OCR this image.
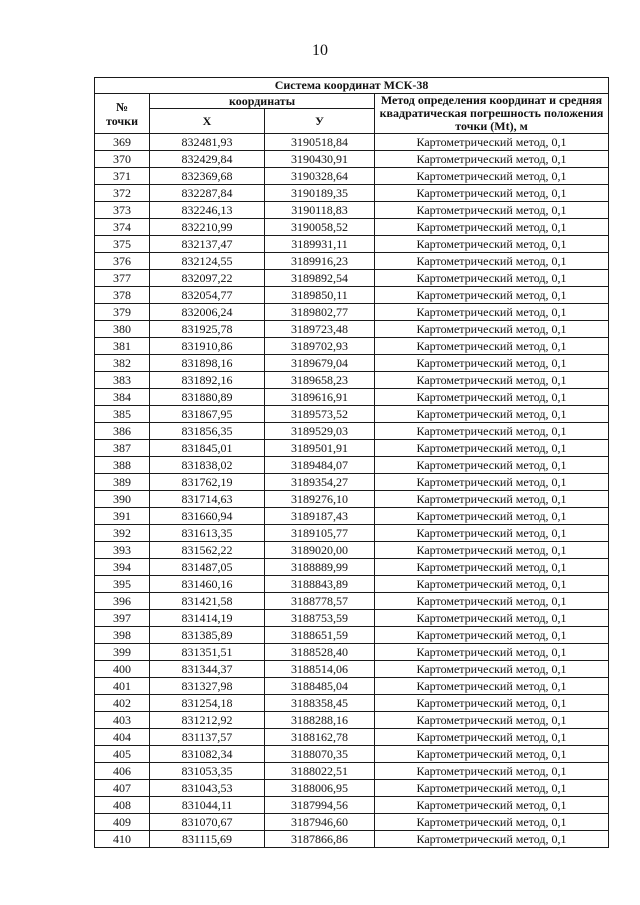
10
Система координат МСК-38			
№
точки	координаты		Метод определения координат и средняя квадратическая погрешность положения точки (Mt), м
	X	У	
369	832481,93	3190518,84	Картометрический метод, 0,1
370	832429,84	3190430,91	Картометрический метод, 0,1
371	832369,68	3190328,64	Картометрический метод, 0,1
372	832287,84	3190189,35	Картометрический метод, 0,1
373	832246,13	3190118,83	Картометрический метод, 0,1
374	832210,99	3190058,52	Картометрический метод, 0,1
375	832137,47	3189931,11	Картометрический метод, 0,1
376	832124,55	3189916,23	Картометрический метод, 0,1
377	832097,22	3189892,54	Картометрический метод, 0,1
378	832054,77	3189850,11	Картометрический метод, 0,1
379	832006,24	3189802,77	Картометрический метод, 0,1
380	831925,78	3189723,48	Картометрический метод, 0,1
381	831910,86	3189702,93	Картометрический метод, 0,1
382	831898,16	3189679,04	Картометрический метод, 0,1
383	831892,16	3189658,23	Картометрический метод, 0,1
384	831880,89	3189616,91	Картометрический метод, 0,1
385	831867,95	3189573,52	Картометрический метод, 0,1
386	831856,35	3189529,03	Картометрический метод, 0,1
387	831845,01	3189501,91	Картометрический метод, 0,1
388	831838,02	3189484,07	Картометрический метод, 0,1
389	831762,19	3189354,27	Картометрический метод, 0,1
390	831714,63	3189276,10	Картометрический метод, 0,1
391	831660,94	3189187,43	Картометрический метод, 0,1
392	831613,35	3189105,77	Картометрический метод, 0,1
393	831562,22	3189020,00	Картометрический метод, 0,1
394	831487,05	3188889,99	Картометрический метод, 0,1
395	831460,16	3188843,89	Картометрический метод, 0,1
396	831421,58	3188778,57	Картометрический метод, 0,1
397	831414,19	3188753,59	Картометрический метод, 0,1
398	831385,89	3188651,59	Картометрический метод, 0,1
399	831351,51	3188528,40	Картометрический метод, 0,1
400	831344,37	3188514,06	Картометрический метод, 0,1
401	831327,98	3188485,04	Картометрический метод, 0,1
402	831254,18	3188358,45	Картометрический метод, 0,1
403	831212,92	3188288,16	Картометрический метод, 0,1
404	831137,57	3188162,78	Картометрический метод, 0,1
405	831082,34	3188070,35	Картометрический метод, 0,1
406	831053,35	3188022,51	Картометрический метод, 0,1
407	831043,53	3188006,95	Картометрический метод, 0,1
408	831044,11	3187994,56	Картометрический метод, 0,1
409	831070,67	3187946,60	Картометрический метод, 0,1
410	831115,69	3187866,86	Картометрический метод, 0,1
